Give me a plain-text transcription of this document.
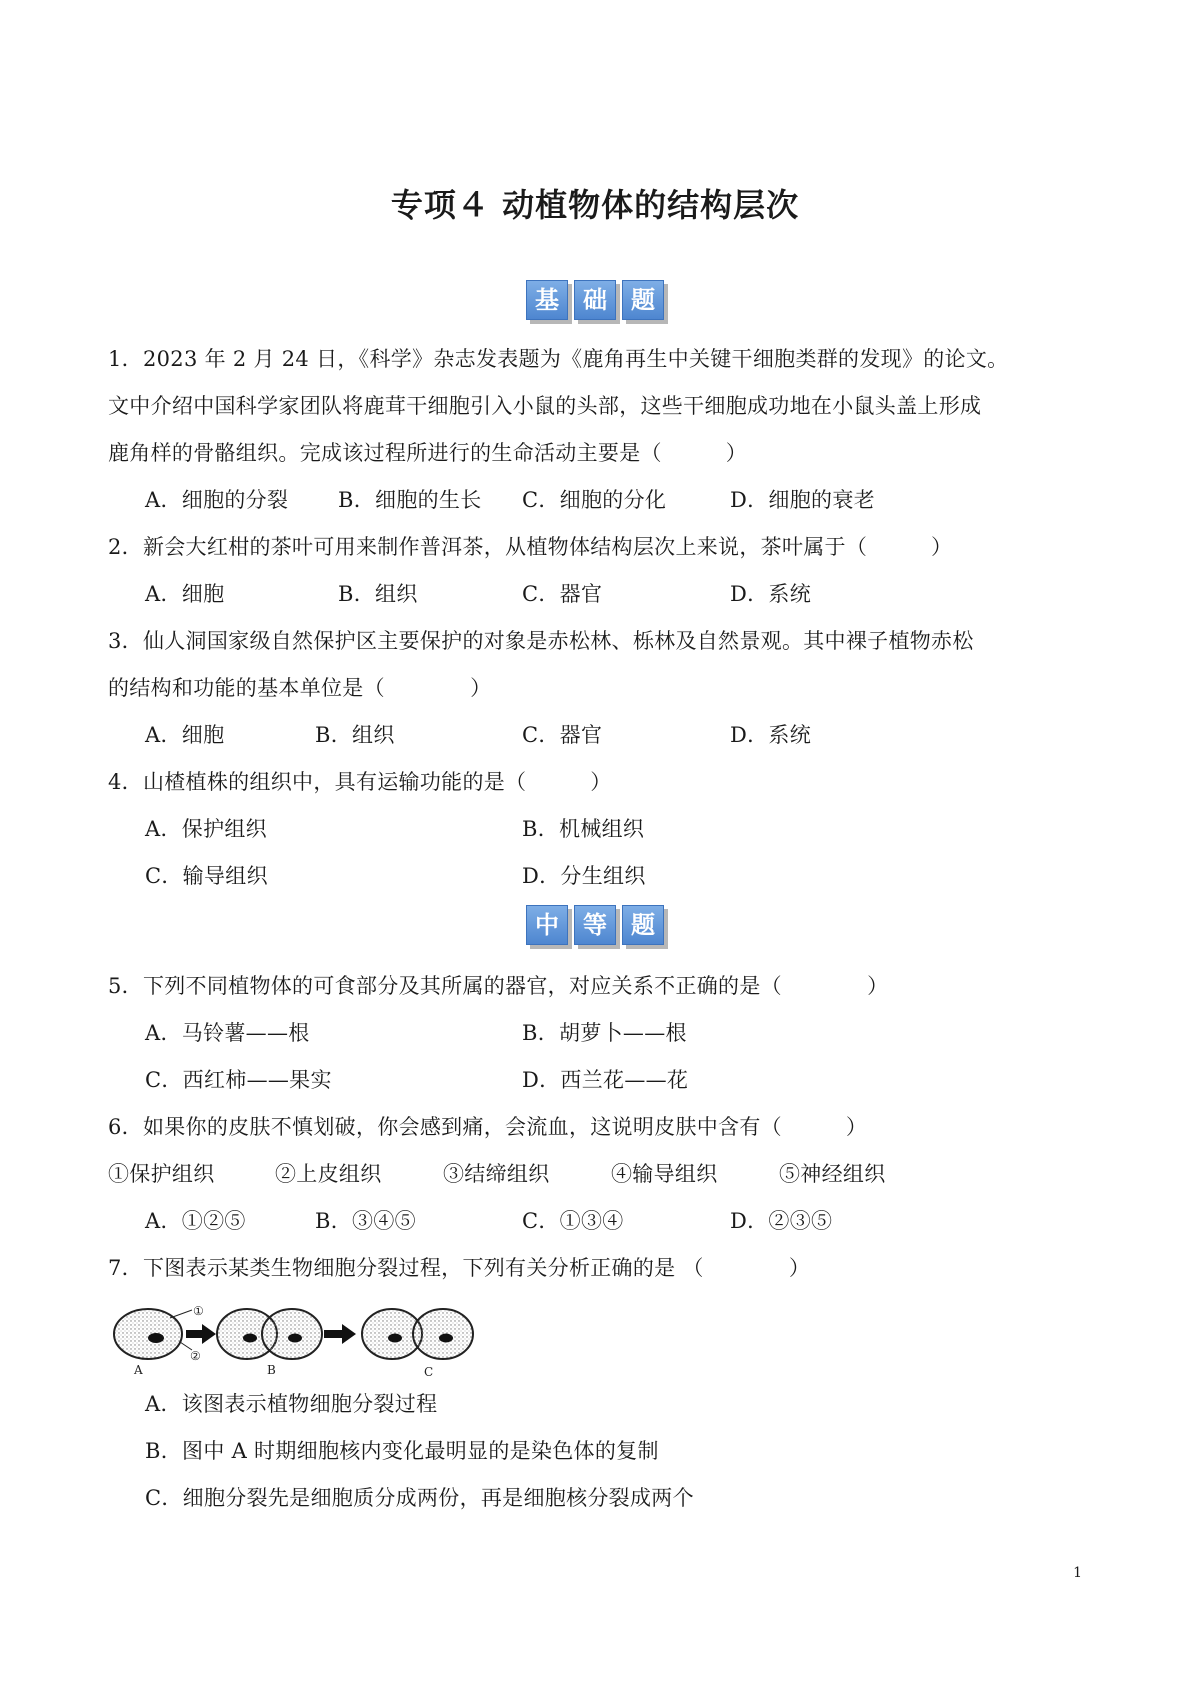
专项４ 动植物体的结构层次
基	础	题
1．2023 年 2 月 24 日，《科学》杂志发表题为《鹿角再生中关键干细胞类群的发现》的论文。
文中介绍中国科学家团队将鹿茸干细胞引入小鼠的头部，这些干细胞成功地在小鼠头盖上形成
鹿角样的骨骼组织。完成该过程所进行的生命活动主要是（　　　）
A．细胞的分裂 B．细胞的生长 C．细胞的分化	D．细胞的衰老
2．新会大红柑的茶叶可用来制作普洱茶，从植物体结构层次上来说，茶叶属于（　　　）
A．细胞	B．组织	C．器官	D．系统
3．仙人洞国家级自然保护区主要保护的对象是赤松林、栎林及自然景观。其中裸子植物赤松
的结构和功能的基本单位是（　　　　）
A．细胞	B．组织	C．器官	D．系统
4．山楂植株的组织中，具有运输功能的是（　　　）
A．保护组织	B．机械组织
C．输导组织	D．分生组织
中	等	题
5．下列不同植物体的可食部分及其所属的器官，对应关系不正确的是（　　　　）
A．马铃薯——根	B．胡萝卜——根
C．西红柿——果实	D．西兰花——花
6．如果你的皮肤不慎划破，你会感到痛，会流血，这说明皮肤中含有（　　　）
①保护组织	②上皮组织	③结缔组织	④输导组织	⑤神经组织
A．①②⑤	B．③④⑤	C．①③④	D．②③⑤
7．下图表示某类生物细胞分裂过程，下列有关分析正确的是 （　　　　）
①
②
A	B	C
A．该图表示植物细胞分裂过程
B．图中 A 时期细胞核内变化最明显的是染色体的复制
C．细胞分裂先是细胞质分成两份，再是细胞核分裂成两个
1
